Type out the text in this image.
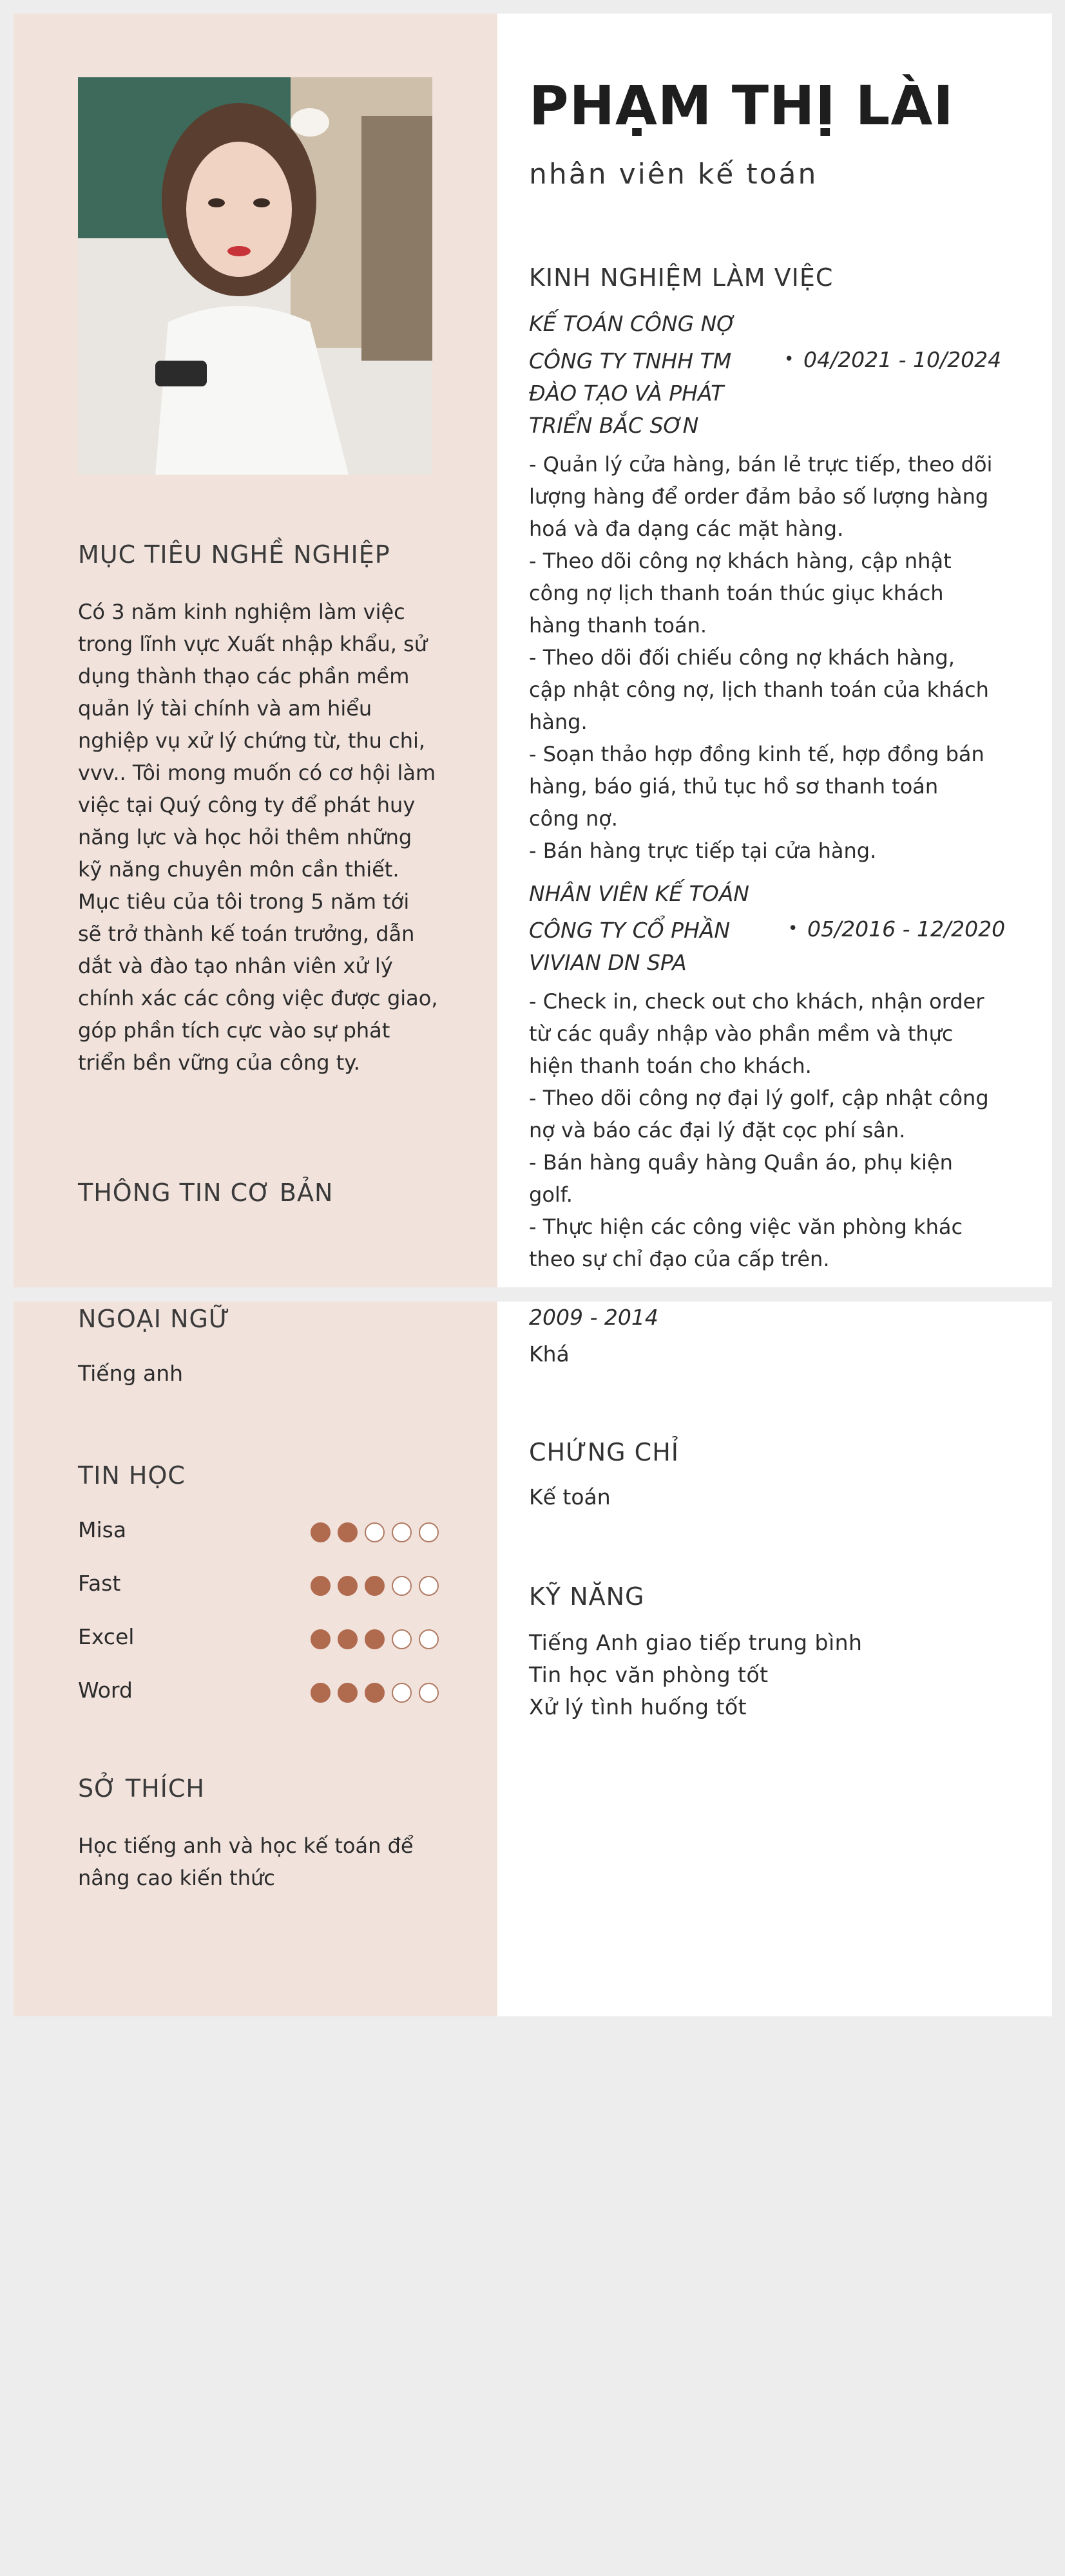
MỤC TIÊU NGHỀ NGHIỆP

Có 3 năm kinh nghiệm làm việc trong lĩnh vực Xuất nhập khẩu, sử dụng thành thạo các phần mềm quản lý tài chính và am hiểu nghiệp vụ xử lý chứng từ, thu chi, vvv.. Tôi mong muốn có cơ hội làm việc tại Quý công ty để phát huy năng lực và học hỏi thêm những kỹ năng chuyên môn cần thiết. Mục tiêu của tôi trong 5 năm tới sẽ trở thành kế toán trưởng, dẫn dắt và đào tạo nhân viên xử lý chính xác các công việc được giao, góp phần tích cực vào sự phát triển bền vững của công ty.

THÔNG TIN CƠ BẢN
PHẠM THỊ LÀI
nhân viên kế toán
KINH NGHIỆM LÀM VIỆC
KẾ TOÁN CÔNG NỢ
CÔNG TY TNHH TM ĐÀO TẠO VÀ PHÁT TRIỂN BẮC SƠN
• 04/2021 - 10/2024
- Quản lý cửa hàng, bán lẻ trực tiếp, theo dõi lượng hàng để order đảm bảo số lượng hàng hoá và đa dạng các mặt hàng.
- Theo dõi công nợ khách hàng, cập nhật công nợ lịch thanh toán thúc giục khách hàng thanh toán.
- Theo dõi đối chiếu công nợ khách hàng, cập nhật công nợ, lịch thanh toán của khách hàng.
- Soạn thảo hợp đồng kinh tế, hợp đồng bán hàng, báo giá, thủ tục hồ sơ thanh toán công nợ.
- Bán hàng trực tiếp tại cửa hàng.
NHÂN VIÊN KẾ TOÁN
CÔNG TY CỔ PHẦN VIVIAN DN SPA
• 05/2016 - 12/2020
- Check in, check out cho khách, nhận order từ các quầy nhập vào phần mềm và thực hiện thanh toán cho khách.
- Theo dõi công nợ đại lý golf, cập nhật công nợ và báo các đại lý đặt cọc phí sân.
- Bán hàng quầy hàng Quần áo, phụ kiện golf.
- Thực hiện các công việc văn phòng khác theo sự chỉ đạo của cấp trên.
NGOẠI NGỮ
Tiếng anh
TIN HỌC
Misa
Fast
Excel
Word
SỞ THÍCH

Học tiếng anh và học kế toán để nâng cao kiến thức

2009 - 2014
Khá
CHỨNG CHỈ
Kế toán
KỸ NĂNG
Tiếng Anh giao tiếp trung bình
Tin học văn phòng tốt
Xử lý tình huống tốt
